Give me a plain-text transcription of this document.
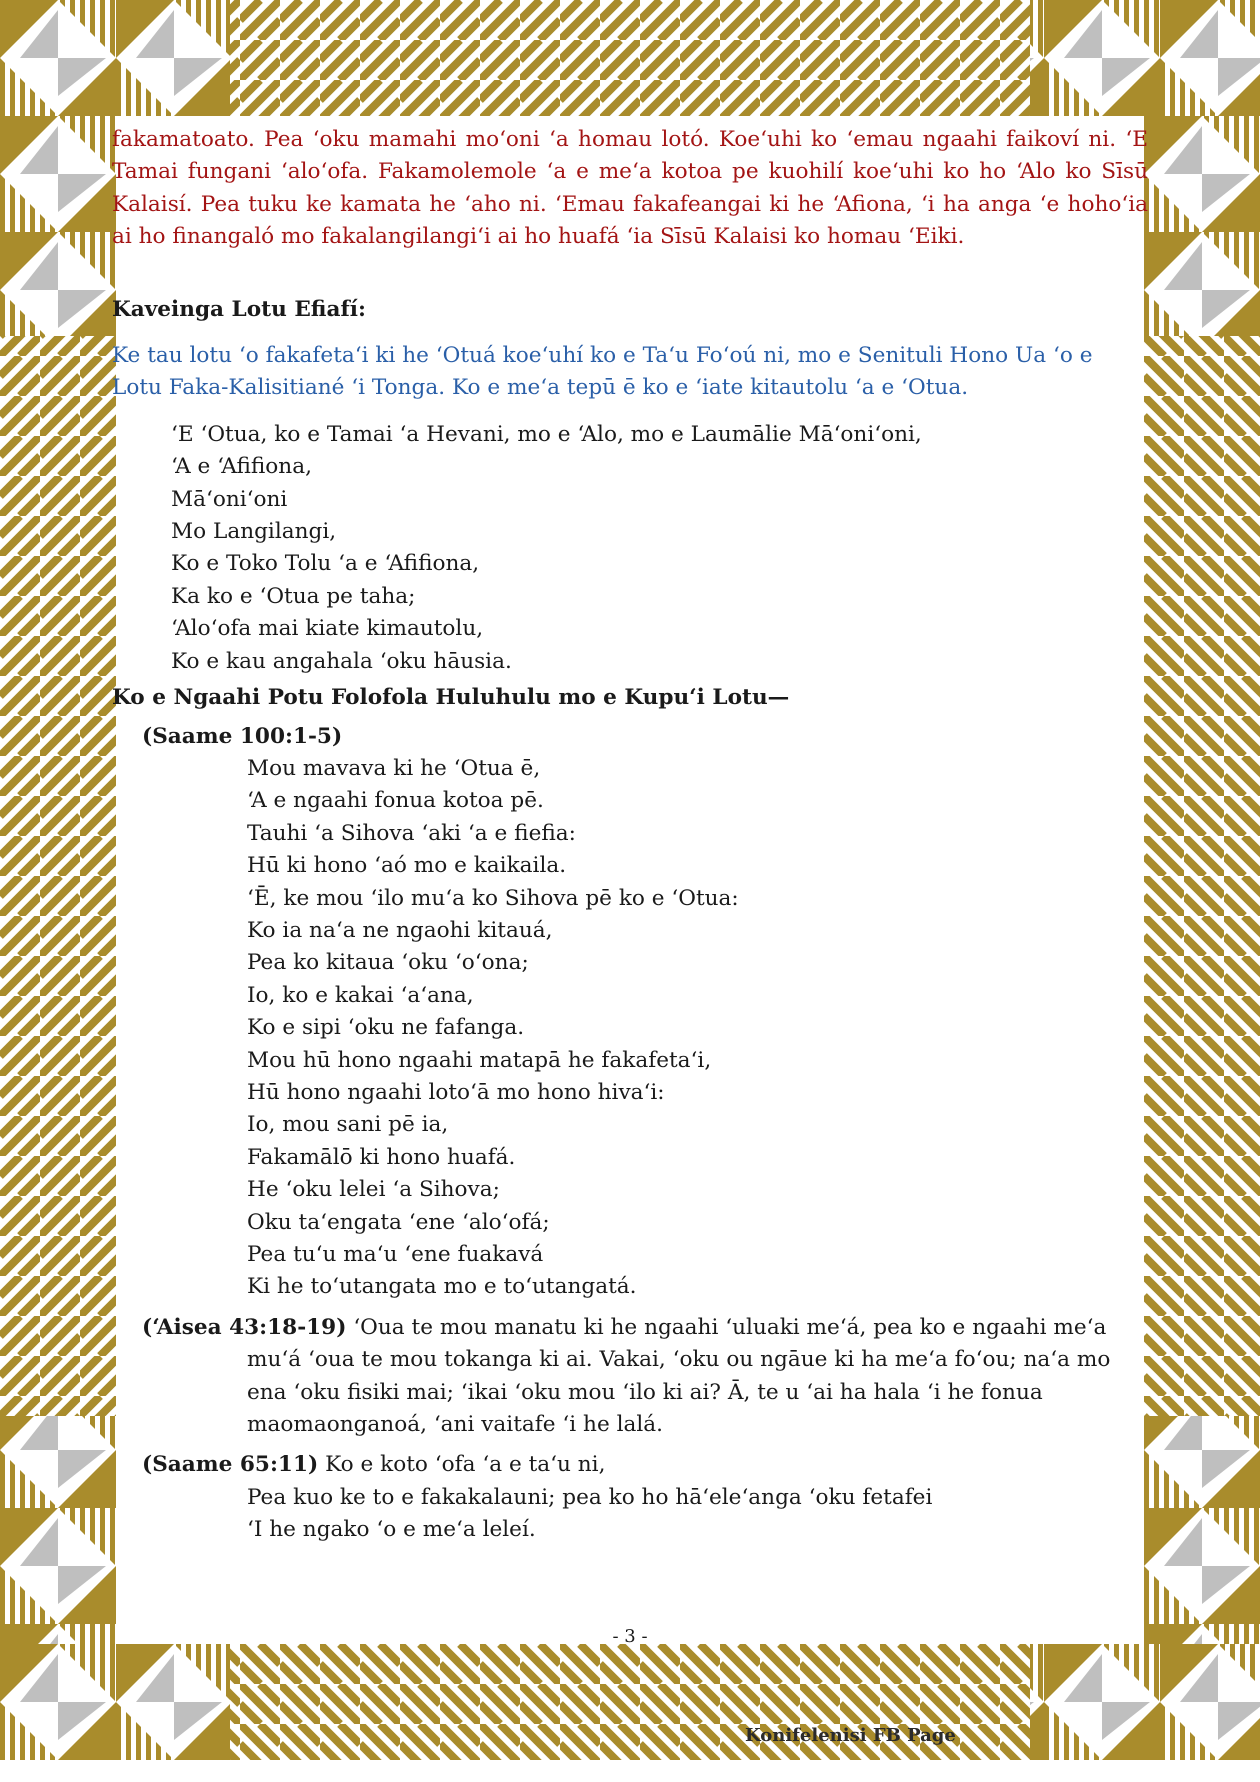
fakamatoato. Pea ‘oku mamahi mo‘oni ‘a homau lotó. Koe‘uhi ko ‘emau ngaahi faikoví ni. ‘E Tamai fungani ‘alo‘ofa. Fakamolemole ‘a e me‘a kotoa pe kuohilí koe‘uhi ko ho ‘Alo ko Sīsū Kalaisí. Pea tuku ke kamata he ‘aho ni. ‘Emau fakafeangai ki he ‘Afiona, ‘i ha anga ‘e hoho‘ia ai ho finangaló mo fakalangilangi‘i ai ho huafá ‘ia Sīsū Kalaisi ko homau ‘Eiki.

Kaveinga Lotu Efiafí:

Ke tau lotu ‘o fakafeta‘i ki he ‘Otuá koe‘uhí ko e Ta‘u Fo‘oú ni, mo e Senituli Hono Ua ‘o e Lotu Faka-Kalisitiané ‘i Tonga. Ko e me‘a tepū ē ko e ‘iate kitautolu ‘a e ‘Otua.

‘E ‘Otua, ko e Tamai ‘a Hevani, mo e ‘Alo, mo e Laumālie Mā‘oni‘oni,
‘A e ‘Afifiona,
Mā‘oni‘oni
Mo Langilangi,
Ko e Toko Tolu ‘a e ‘Afifiona,
Ka ko e ‘Otua pe taha;
‘Alo‘ofa mai kiate kimautolu,
Ko e kau angahala ‘oku hāusia.
Ko e Ngaahi Potu Folofola Huluhulu mo e Kupu‘i Lotu—
(Saame 100:1-5)
Mou mavava ki he ‘Otua ē,
‘A e ngaahi fonua kotoa pē.
Tauhi ‘a Sihova ‘aki ‘a e fiefia:
Hū ki hono ‘aó mo e kaikaila.
‘Ē, ke mou ‘ilo mu‘a ko Sihova pē ko e ‘Otua:
Ko ia na‘a ne ngaohi kitauá,
Pea ko kitaua ‘oku ‘o‘ona;
Io, ko e kakai ‘a‘ana,
Ko e sipi ‘oku ne fafanga.
Mou hū hono ngaahi matapā he fakafeta‘i,
Hū hono ngaahi loto‘ā mo hono hiva‘i:
Io, mou sani pē ia,
Fakamālō ki hono huafá.
He ‘oku lelei ‘a Sihova;
Oku ta‘engata ‘ene ‘alo‘ofá;
Pea tu‘u ma‘u ‘ene fuakavá
Ki he to‘utangata mo e to‘utangatá.
(‘Aisea 43:18-19) ‘Oua te mou manatu ki he ngaahi ‘uluaki me‘á, pea ko e ngaahi me‘a mu‘á ‘oua te mou tokanga ki ai. Vakai, ‘oku ou ngāue ki ha me‘a fo‘ou; na‘a mo ena ‘oku fisiki mai; ‘ikai ‘oku mou ‘ilo ki ai? Ā, te u ‘ai ha hala ‘i he fonua maomaonganoá, ‘ani vaitafe ‘i he lalá.
(Saame 65:11) Ko e koto ‘ofa ‘a e ta‘u ni,
Pea kuo ke to e fakakalauni; pea ko ho hā‘ele‘anga ‘oku fetafei
‘I he ngako ‘o e me‘a leleí.
- 3 -
Konifelenisi FB Page
